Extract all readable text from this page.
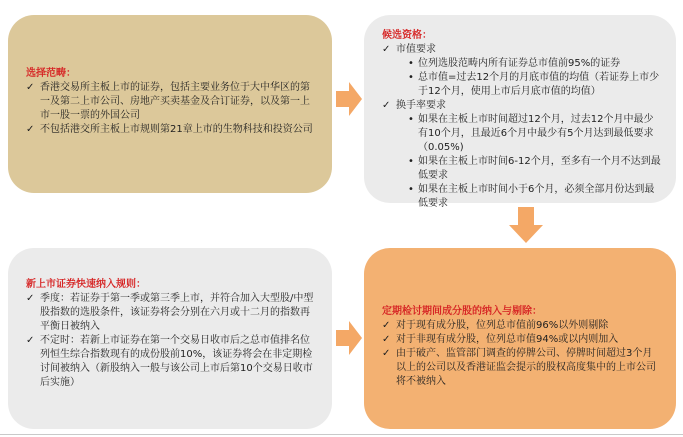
选择范畴：
✓ 香港交易所主板上市的证券，包括主要业务位于大中华区的第一及第二上市公司、房地产买卖基金及合订证券，以及第一上市一股一票的外国公司
✓ 不包括港交所主板上市规则第21章上市的生物科技和投资公司
候选资格：
✓ 市值要求
• 位列选股范畴内所有证券总市值前95%的证券
• 总市值=过去12个月的月底市值的均值（若证券上市少于12个月，使用上市后月底市值的均值）
✓ 换手率要求
• 如果在主板上市时间超过12个月，过去12个月中最少有10个月，且最近6个月中最少有5个月达到最低要求（0.05%)
• 如果在主板上市时间6-12个月，至多有一个月不达到最低要求
• 如果在主板上市时间小于6个月，必须全部月份达到最低要求
新上市证券快速纳入规则：
✓ 季度：若证券于第一季或第三季上市，并符合加入大型股/中型股指数的选股条件，该证券将会分别在六月或十二月的指数再平衡日被纳入
✓ 不定时：若新上市证券在第一个交易日收市后之总市值排名位列恒生综合指数现有的成份股前10%，该证券将会在非定期检讨间被纳入（新股纳入一般与该公司上市后第10个交易日收市后实施）
定期检讨期间成分股的纳入与剔除：
✓ 对于现有成分股，位列总市值前96%以外则剔除
✓ 对于非现有成分股，位列总市值94%或以内则加入
✓ 由于破产、监管部门调查的停牌公司、停牌时间超过3个月以上的公司以及香港证监会提示的股权高度集中的上市公司将不被纳入
